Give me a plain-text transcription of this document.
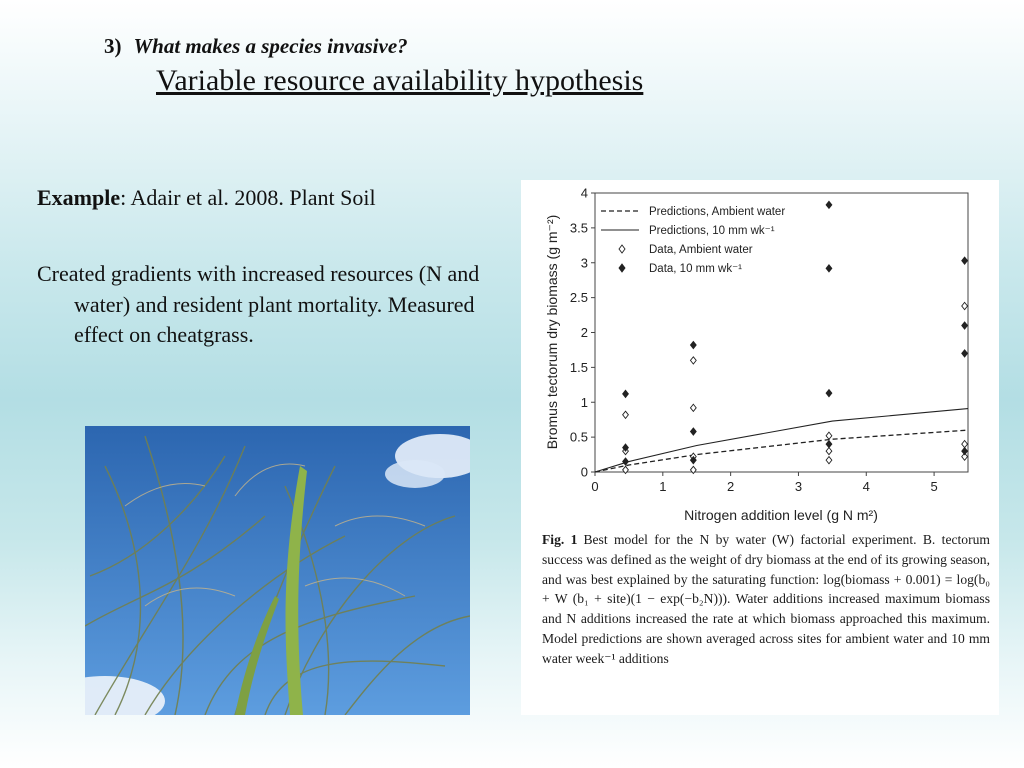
3) What makes a species invasive?
Variable resource availability hypothesis
Example: Adair et al. 2008. Plant Soil

Created gradients with increased resources (N and water) and resident plant mortality. Measured effect on cheatgrass.

0
0.5
1
1.5
2
2.5
3
3.5
4
0	1	2	3	4	5
Predictions, Ambient water
Predictions, 10 mm wk⁻¹
Data, Ambient water
Data, 10 mm wk⁻¹
Nitrogen addition level (g N m²)
Bromus tectorum dry biomass (g m⁻²)

Fig. 1 Best model for the N by water (W) factorial experiment. B. tectorum success was defined as the weight of dry biomass at the end of its growing season, and was best explained by the saturating function: log(biomass + 0.001) = log(b₀ + W (b₁ + site)(1 − exp(−b₂N))). Water additions increased maximum biomass and N additions increased the rate at which biomass approached this maximum. Model predictions are shown averaged across sites for ambient water and 10 mm water week⁻¹ additions
